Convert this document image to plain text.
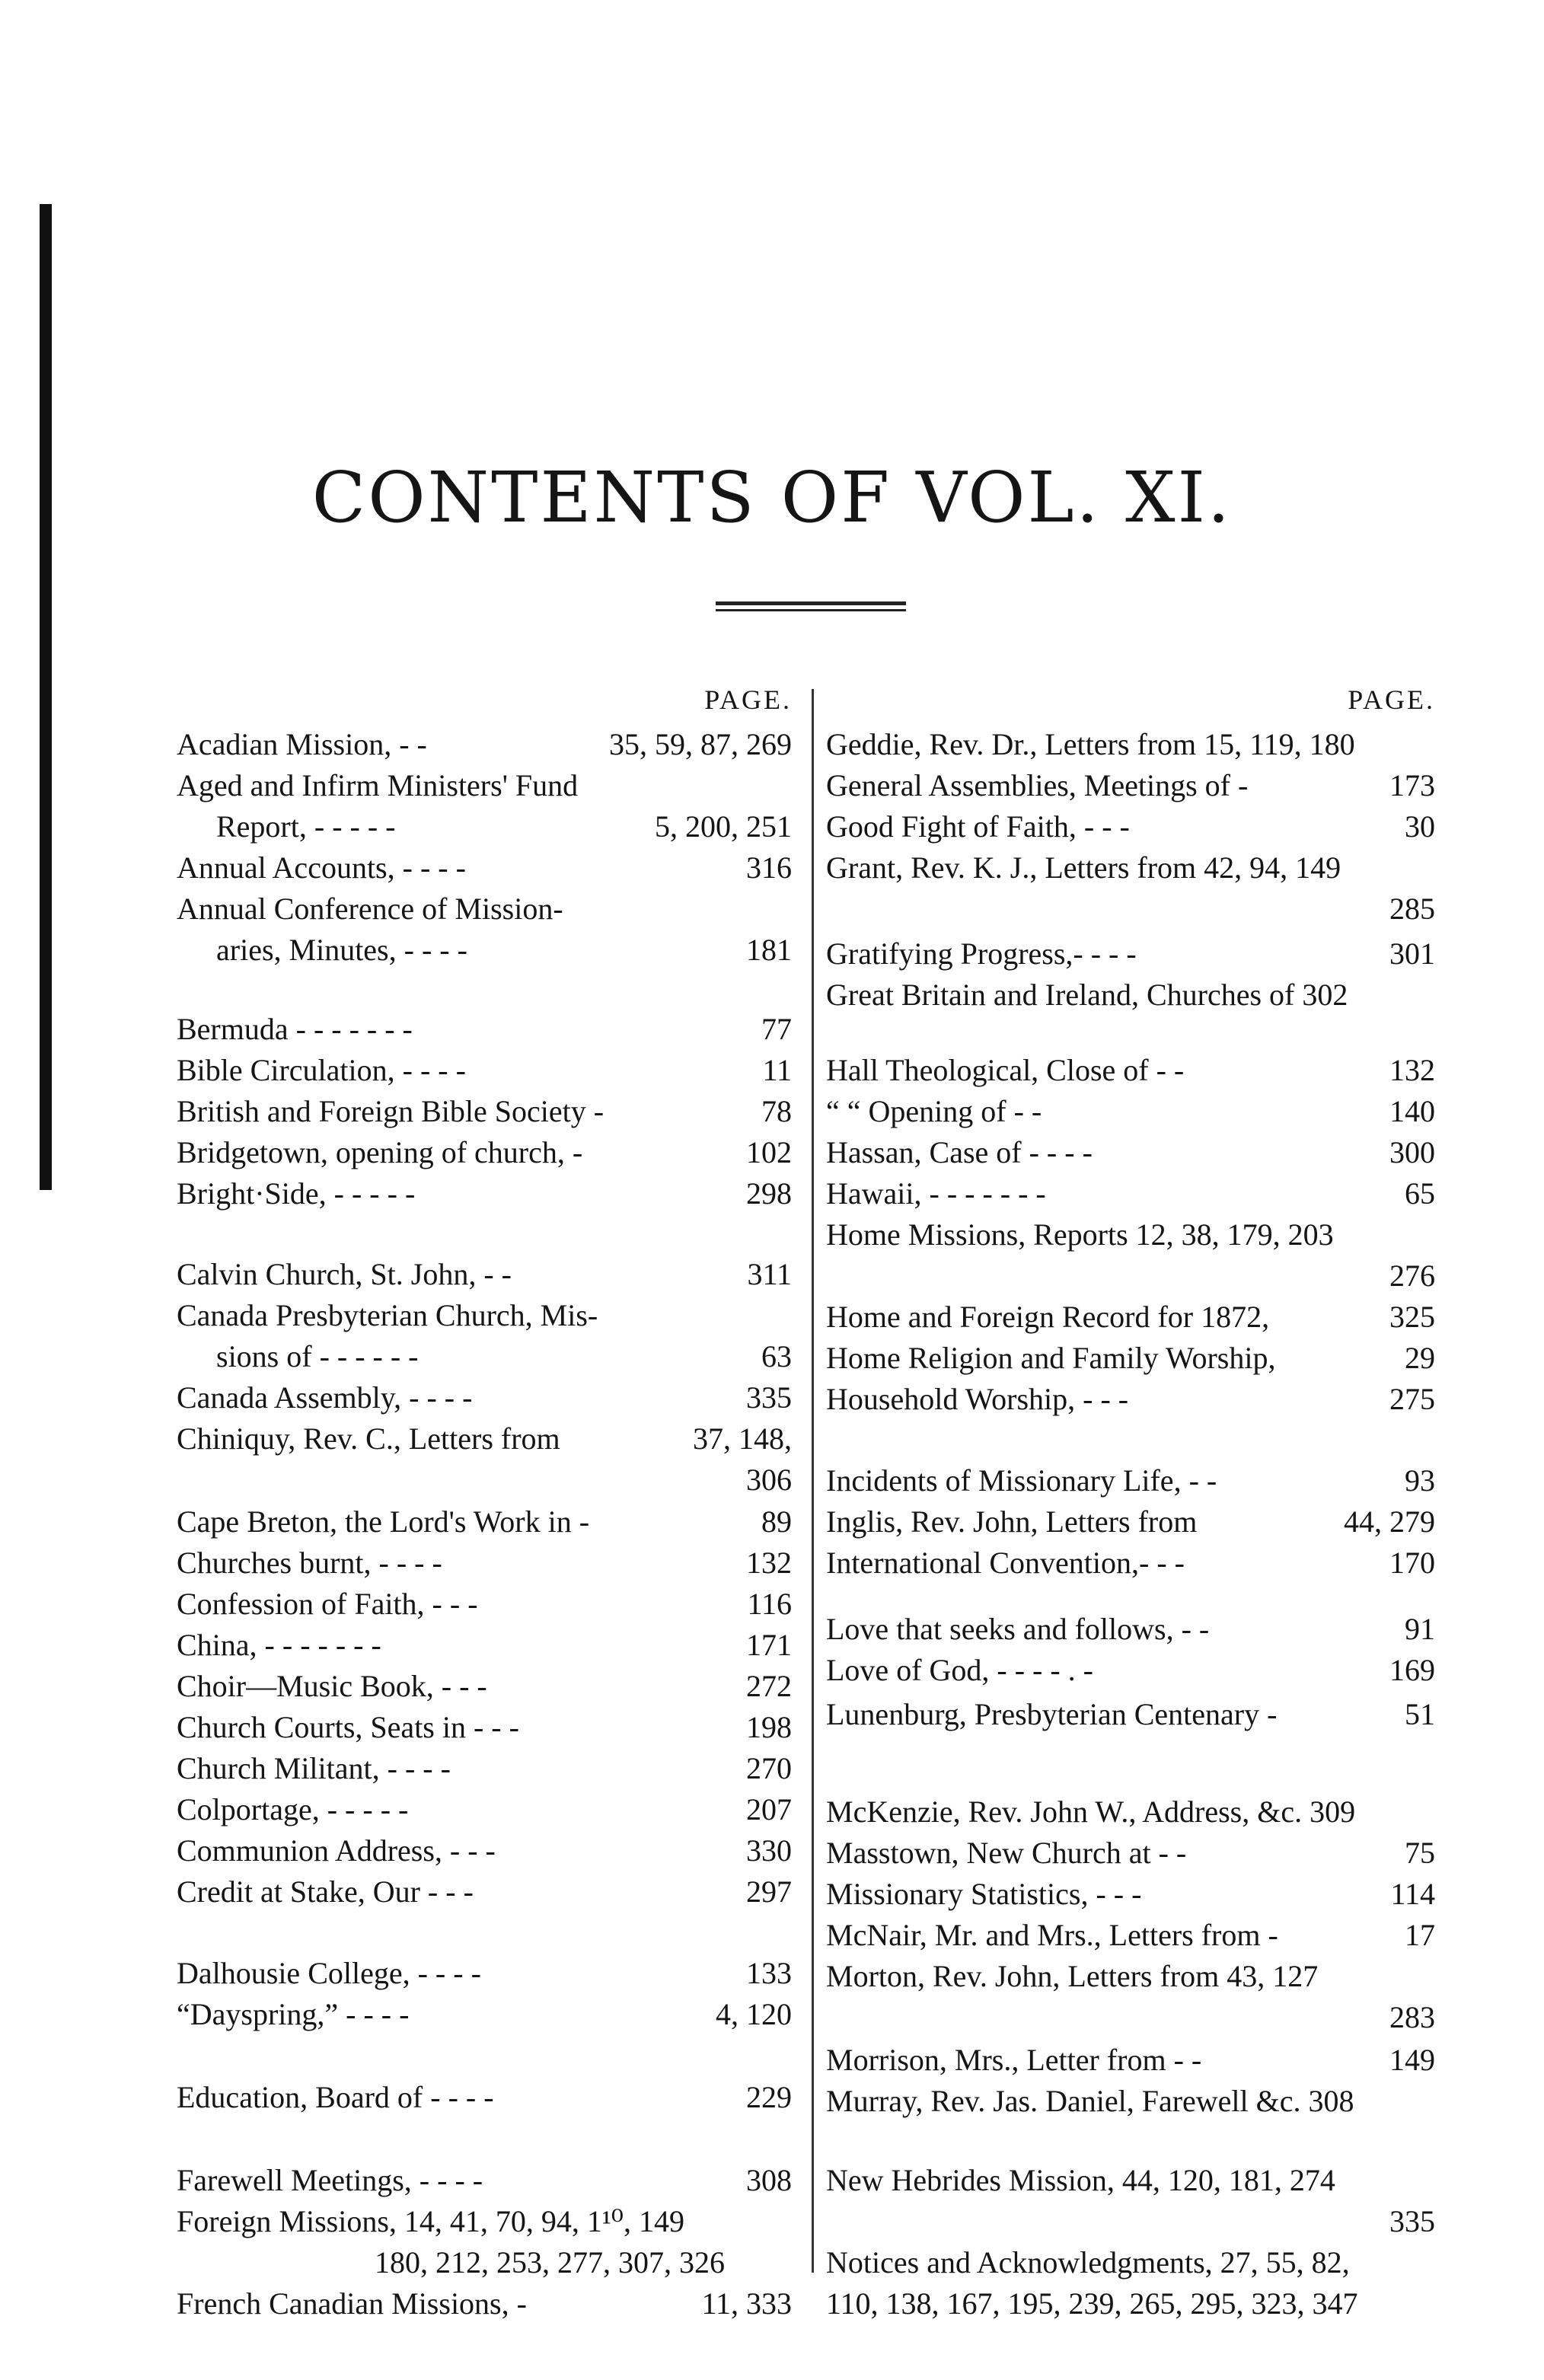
CONTENTS OF VOL. XI.
PAGE.
Acadian Mission, - -	35, 59, 87, 269
Aged and Infirm Ministers' Fund
Report, - - - - -	5, 200, 251
Annual Accounts, - - - -	316
Annual Conference of Mission-
aries, Minutes, - - - -	181
Bermuda - - - - - - -	77
Bible Circulation, - - - -	11
British and Foreign Bible Society -	78
Bridgetown, opening of church, -	102
Bright·Side, - - - - -	298
Calvin Church, St. John, - -	311
Canada Presbyterian Church, Mis-
sions of - - - - - -	63
Canada Assembly, - - - -	335
Chiniquy, Rev. C., Letters from	37, 148,
306
Cape Breton, the Lord's Work in -	89
Churches burnt, - - - -	132
Confession of Faith, - - -	116
China, - - - - - - -	171
Choir—Music Book, - - -	272
Church Courts, Seats in - - -	198
Church Militant, - - - -	270
Colportage, - - - - -	207
Communion Address, - - -	330
Credit at Stake, Our - - -	297
Dalhousie College, - - - -	133
“Dayspring,” - - - -	4, 120
Education, Board of - - - -	229
Farewell Meetings, - - - -	308
Foreign Missions, 14, 41, 70, 94, 1¹⁰, 149
180, 212, 253, 277, 307, 326
French Canadian Missions, -	11, 333
PAGE.
Geddie, Rev. Dr., Letters from 15, 119, 180
General Assemblies, Meetings of -	173
Good Fight of Faith, - - -	30
Grant, Rev. K. J., Letters from 42, 94, 149
285
Gratifying Progress,- - - -	301
Great Britain and Ireland, Churches of 302
Hall Theological, Close of - -	132
“ “ Opening of - -	140
Hassan, Case of - - - -	300
Hawaii, - - - - - - -	65
Home Missions, Reports 12, 38, 179, 203
276
Home and Foreign Record for 1872,	325
Home Religion and Family Worship,	29
Household Worship, - - -	275
Incidents of Missionary Life, - -	93
Inglis, Rev. John, Letters from	44, 279
International Convention,- - -	170
Love that seeks and follows, - -	91
Love of God, - - - - . -	169
Lunenburg, Presbyterian Centenary -	51
McKenzie, Rev. John W., Address, &c. 309
Masstown, New Church at - -	75
Missionary Statistics, - - -	114
McNair, Mr. and Mrs., Letters from -	17
Morton, Rev. John, Letters from 43, 127
283
Morrison, Mrs., Letter from - -	149
Murray, Rev. Jas. Daniel, Farewell &c. 308
New Hebrides Mission, 44, 120, 181, 274
335
Notices and Acknowledgments, 27, 55, 82,
110, 138, 167, 195, 239, 265, 295, 323, 347
